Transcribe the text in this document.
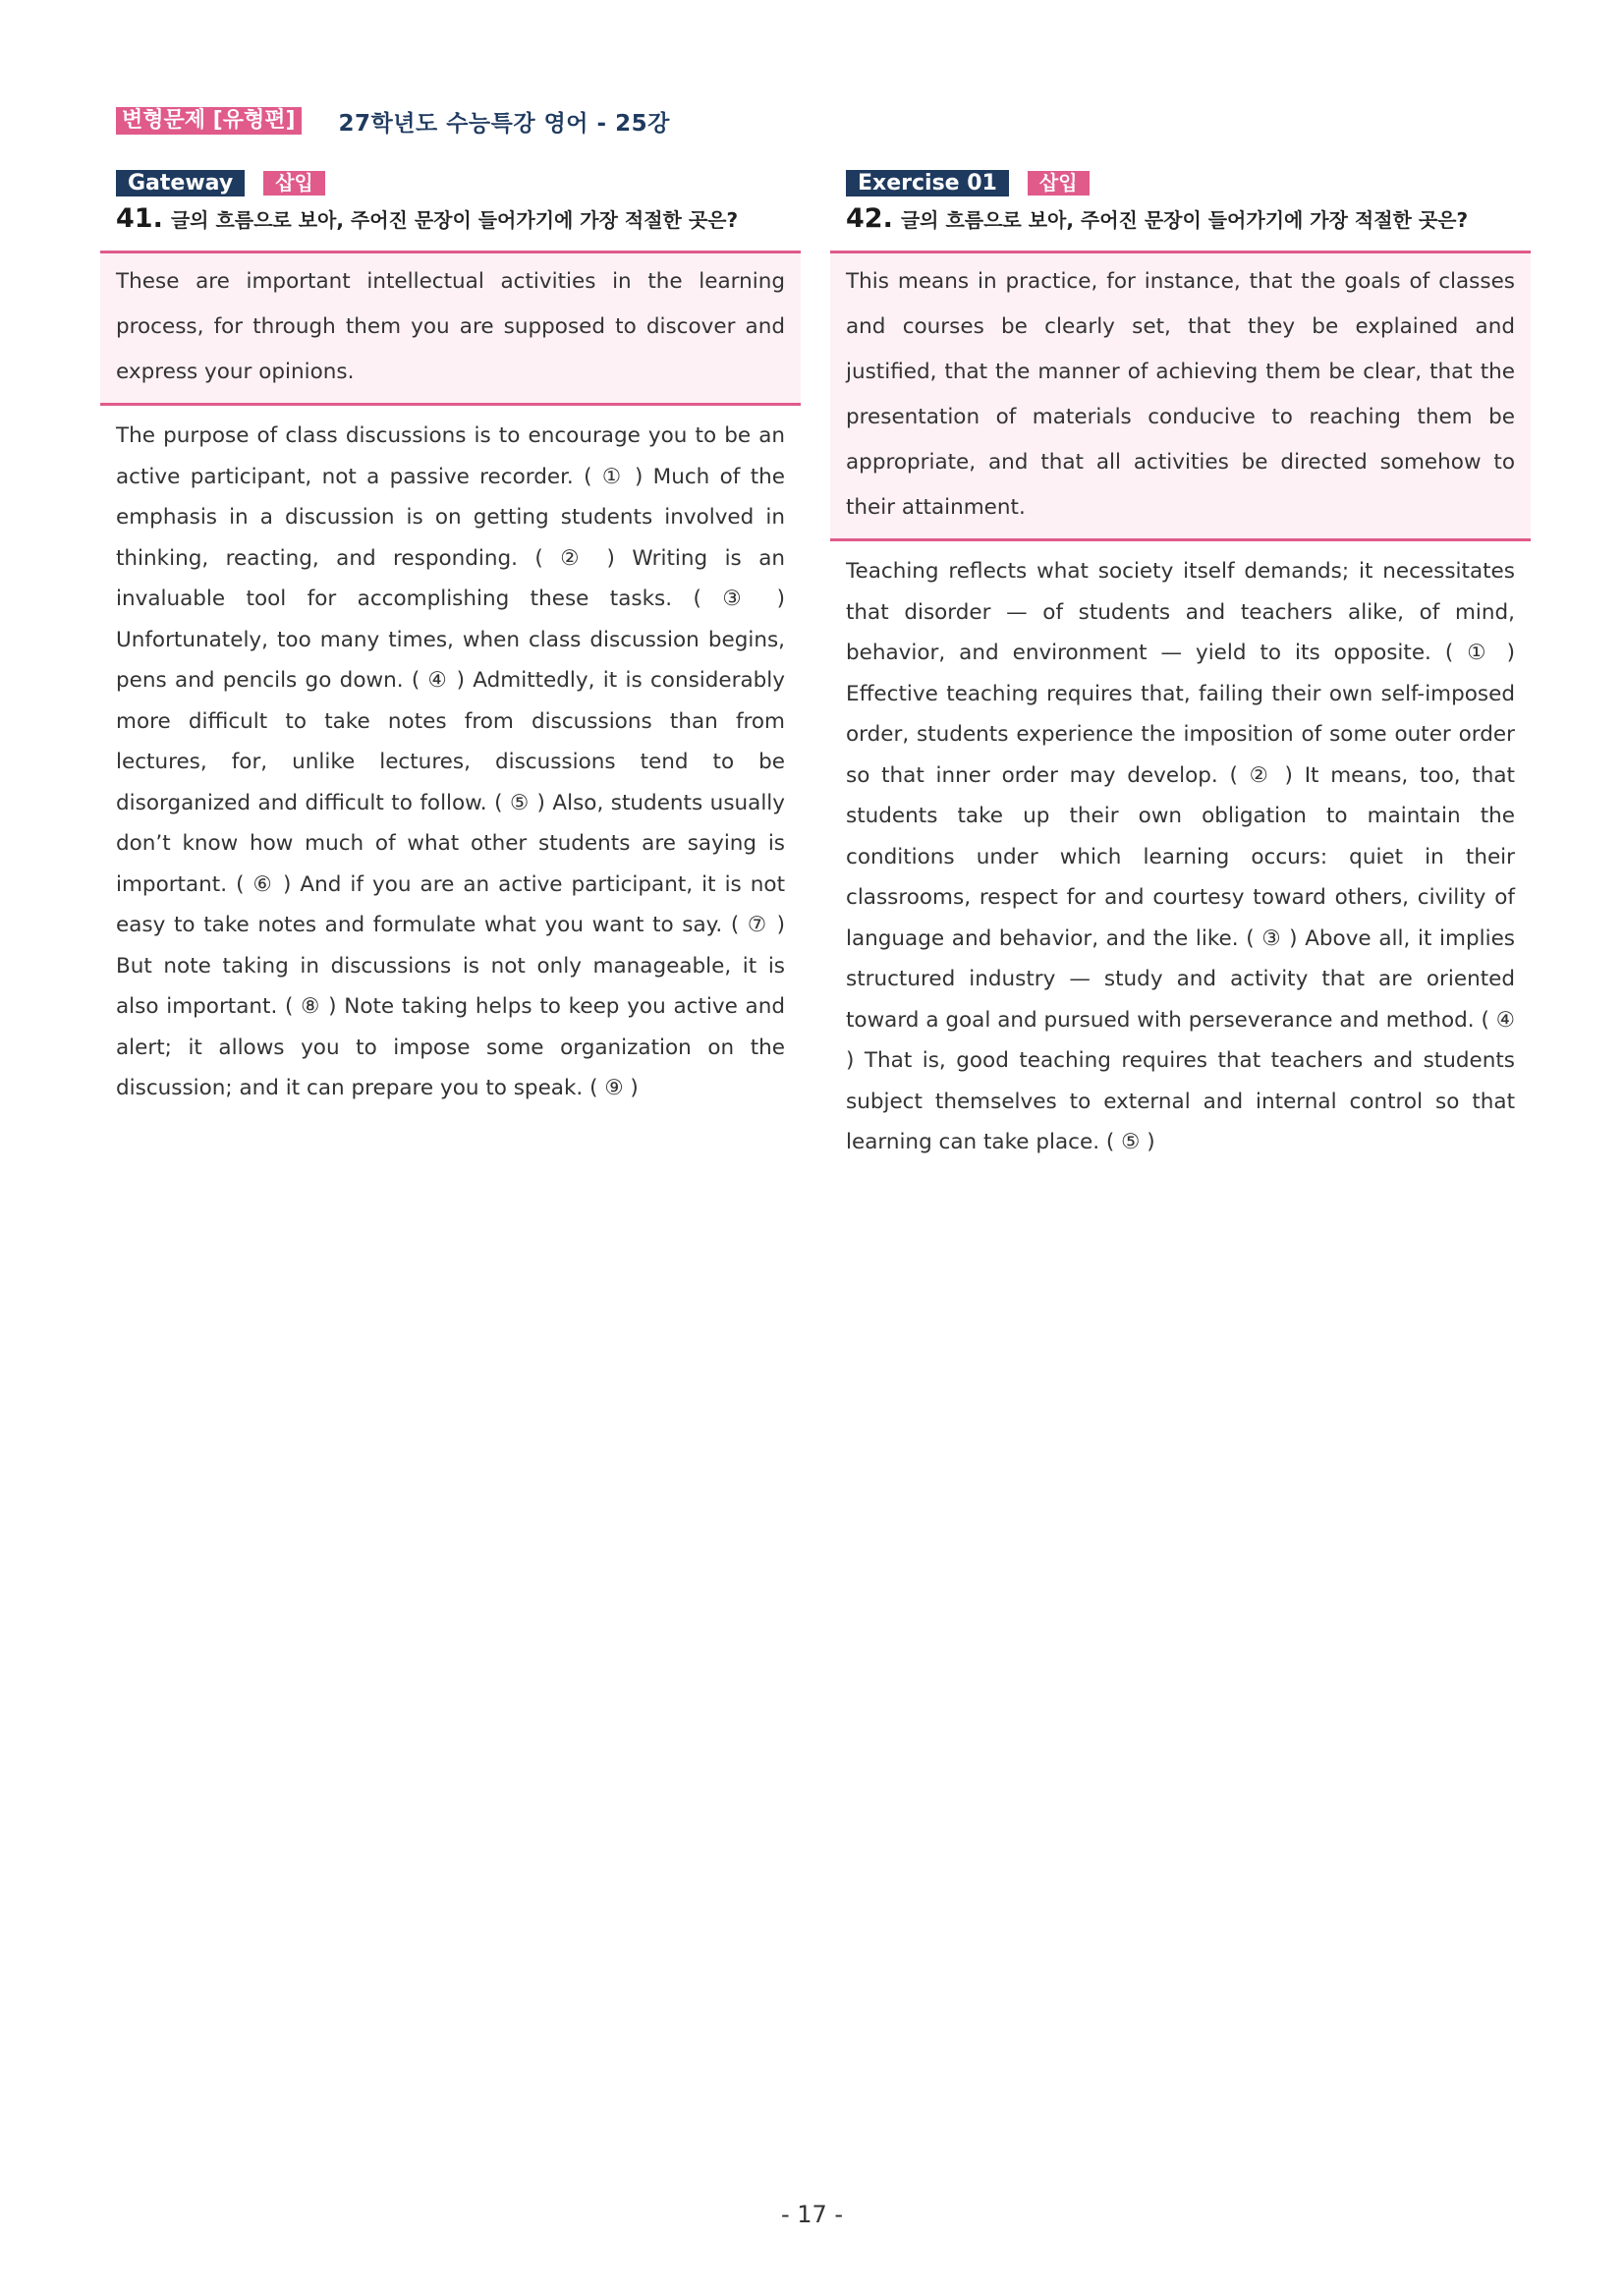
변형문제 [유형편] 27학년도 수능특강 영어 - 25강
Gateway	삽입
41. 글의 흐름으로 보아, 주어진 문장이 들어가기에 가장 적절한 곳은?
These are important intellectual activities in the learning process, for through them you are supposed to discover and express your opinions.
The purpose of class discussions is to encourage you to be an active participant, not a passive recorder. ( ① ) Much of the emphasis in a discussion is on getting students involved in thinking, reacting, and responding. ( ② ) Writing is an invaluable tool for accomplishing these tasks. ( ③ ) Unfortunately, too many times, when class discussion begins, pens and pencils go down. ( ④ ) Admittedly, it is considerably more difficult to take notes from discussions than from lectures, for, unlike lectures, discussions tend to be disorganized and difficult to follow. ( ⑤ ) Also, students usually don’t know how much of what other students are saying is important. ( ⑥ ) And if you are an active participant, it is not easy to take notes and formulate what you want to say. ( ⑦ ) But note taking in discussions is not only manageable, it is also important. ( ⑧ ) Note taking helps to keep you active and alert; it allows you to impose some organization on the discussion; and it can prepare you to speak. ( ⑨ )
Exercise 01	삽입
42. 글의 흐름으로 보아, 주어진 문장이 들어가기에 가장 적절한 곳은?
This means in practice, for instance, that the goals of classes and courses be clearly set, that they be explained and justified, that the manner of achieving them be clear, that the presentation of materials conducive to reaching them be appropriate, and that all activities be directed somehow to their attainment.
Teaching reflects what society itself demands; it necessitates that disorder — of students and teachers alike, of mind, behavior, and environment — yield to its opposite. ( ① ) Effective teaching requires that, failing their own self-imposed order, students experience the imposition of some outer order so that inner order may develop. ( ② ) It means, too, that students take up their own obligation to maintain the conditions under which learning occurs: quiet in their classrooms, respect for and courtesy toward others, civility of language and behavior, and the like. ( ③ ) Above all, it implies structured industry — study and activity that are oriented toward a goal and pursued with perseverance and method. ( ④ ) That is, good teaching requires that teachers and students subject themselves to external and internal control so that learning can take place. ( ⑤ )
- 17 -
